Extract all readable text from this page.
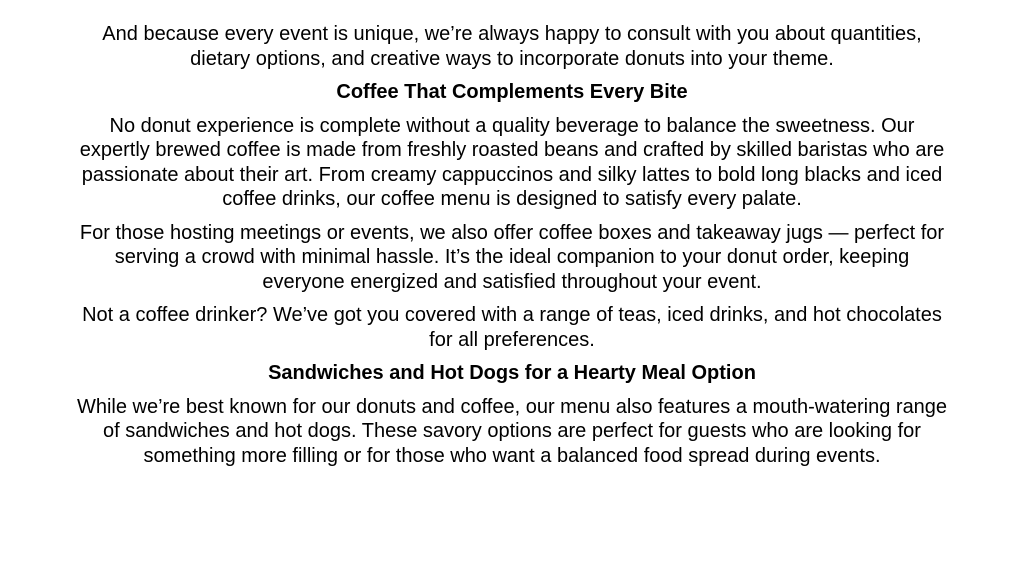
And because every event is unique, we’re always happy to consult with you about quantities, dietary options, and creative ways to incorporate donuts into your theme.

Coffee That Complements Every Bite

No donut experience is complete without a quality beverage to balance the sweetness. Our expertly brewed coffee is made from freshly roasted beans and crafted by skilled baristas who are passionate about their art. From creamy cappuccinos and silky lattes to bold long blacks and iced coffee drinks, our coffee menu is designed to satisfy every palate.

For those hosting meetings or events, we also offer coffee boxes and takeaway jugs — perfect for serving a crowd with minimal hassle. It’s the ideal companion to your donut order, keeping everyone energized and satisfied throughout your event.

Not a coffee drinker? We’ve got you covered with a range of teas, iced drinks, and hot chocolates for all preferences.

Sandwiches and Hot Dogs for a Hearty Meal Option

While we’re best known for our donuts and coffee, our menu also features a mouth-watering range of sandwiches and hot dogs. These savory options are perfect for guests who are looking for something more filling or for those who want a balanced food spread during events.
